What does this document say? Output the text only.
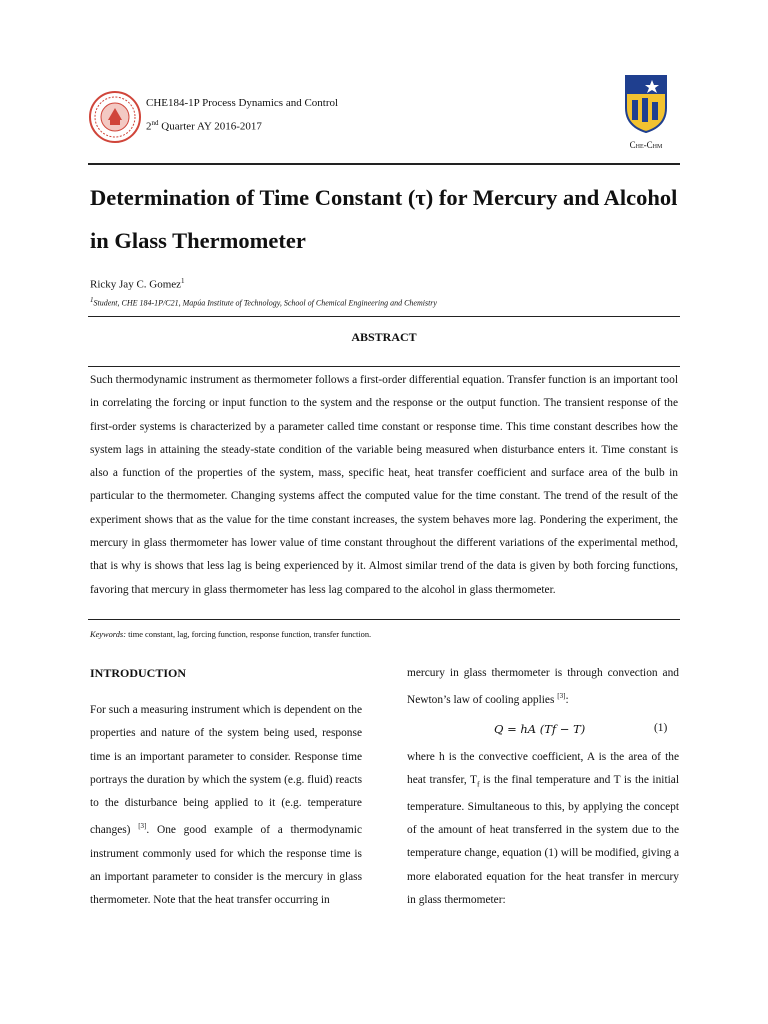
CHE184-1P Process Dynamics and Control
2nd Quarter AY 2016-2017
Che-Chm
Determination of Time Constant (τ) for Mercury and Alcohol
in Glass Thermometer
Ricky Jay C. Gomez$^1$
$^1$Student, CHE 184-1P/C21, Mapúa Institute of Technology, School of Chemical Engineering and Chemistry
ABSTRACT
Such thermodynamic instrument as thermometer follows a first-order differential equation. Transfer function is an important tool in correlating the forcing or input function to the system and the response or the output function. The transient response of the first-order systems is characterized by a parameter called time constant or response time. This time constant describes how the system lags in attaining the steady-state condition of the variable being measured when disturbance enters it. Time constant is also a function of the properties of the system, mass, specific heat, heat transfer coefficient and surface area of the bulb in particular to the thermometer. Changing systems affect the computed value for the time constant. The trend of the result of the experiment shows that as the value for the time constant increases, the system behaves more lag. Pondering the experiment, the mercury in glass thermometer has lower value of time constant throughout the different variations of the experimental method, that is why is shows that less lag is being experienced by it. Almost similar trend of the data is given by both forcing functions, favoring that mercury in glass thermometer has less lag compared to the alcohol in glass thermometer.
Keywords: time constant, lag, forcing function, response function, transfer function.
INTRODUCTION
For such a measuring instrument which is dependent on the properties and nature of the system being used, response time is an important parameter to consider. Response time portrays the duration by which the system (e.g. fluid) reacts to the disturbance being applied to it (e.g. temperature changes) [3]. One good example of a thermodynamic instrument commonly used for which the response time is an important parameter to consider is the mercury in glass thermometer. Note that the heat transfer occurring in
mercury in glass thermometer is through convection and Newton’s law of cooling applies [3]:
Q = hA (Tf − T)	(1)
where h is the convective coefficient, A is the area of the heat transfer, $T_f$ is the final temperature and T is the initial temperature. Simultaneous to this, by applying the concept of the amount of heat transferred in the system due to the temperature change, equation (1) will be modified, giving a more elaborated equation for the heat transfer in mercury in glass thermometer:
